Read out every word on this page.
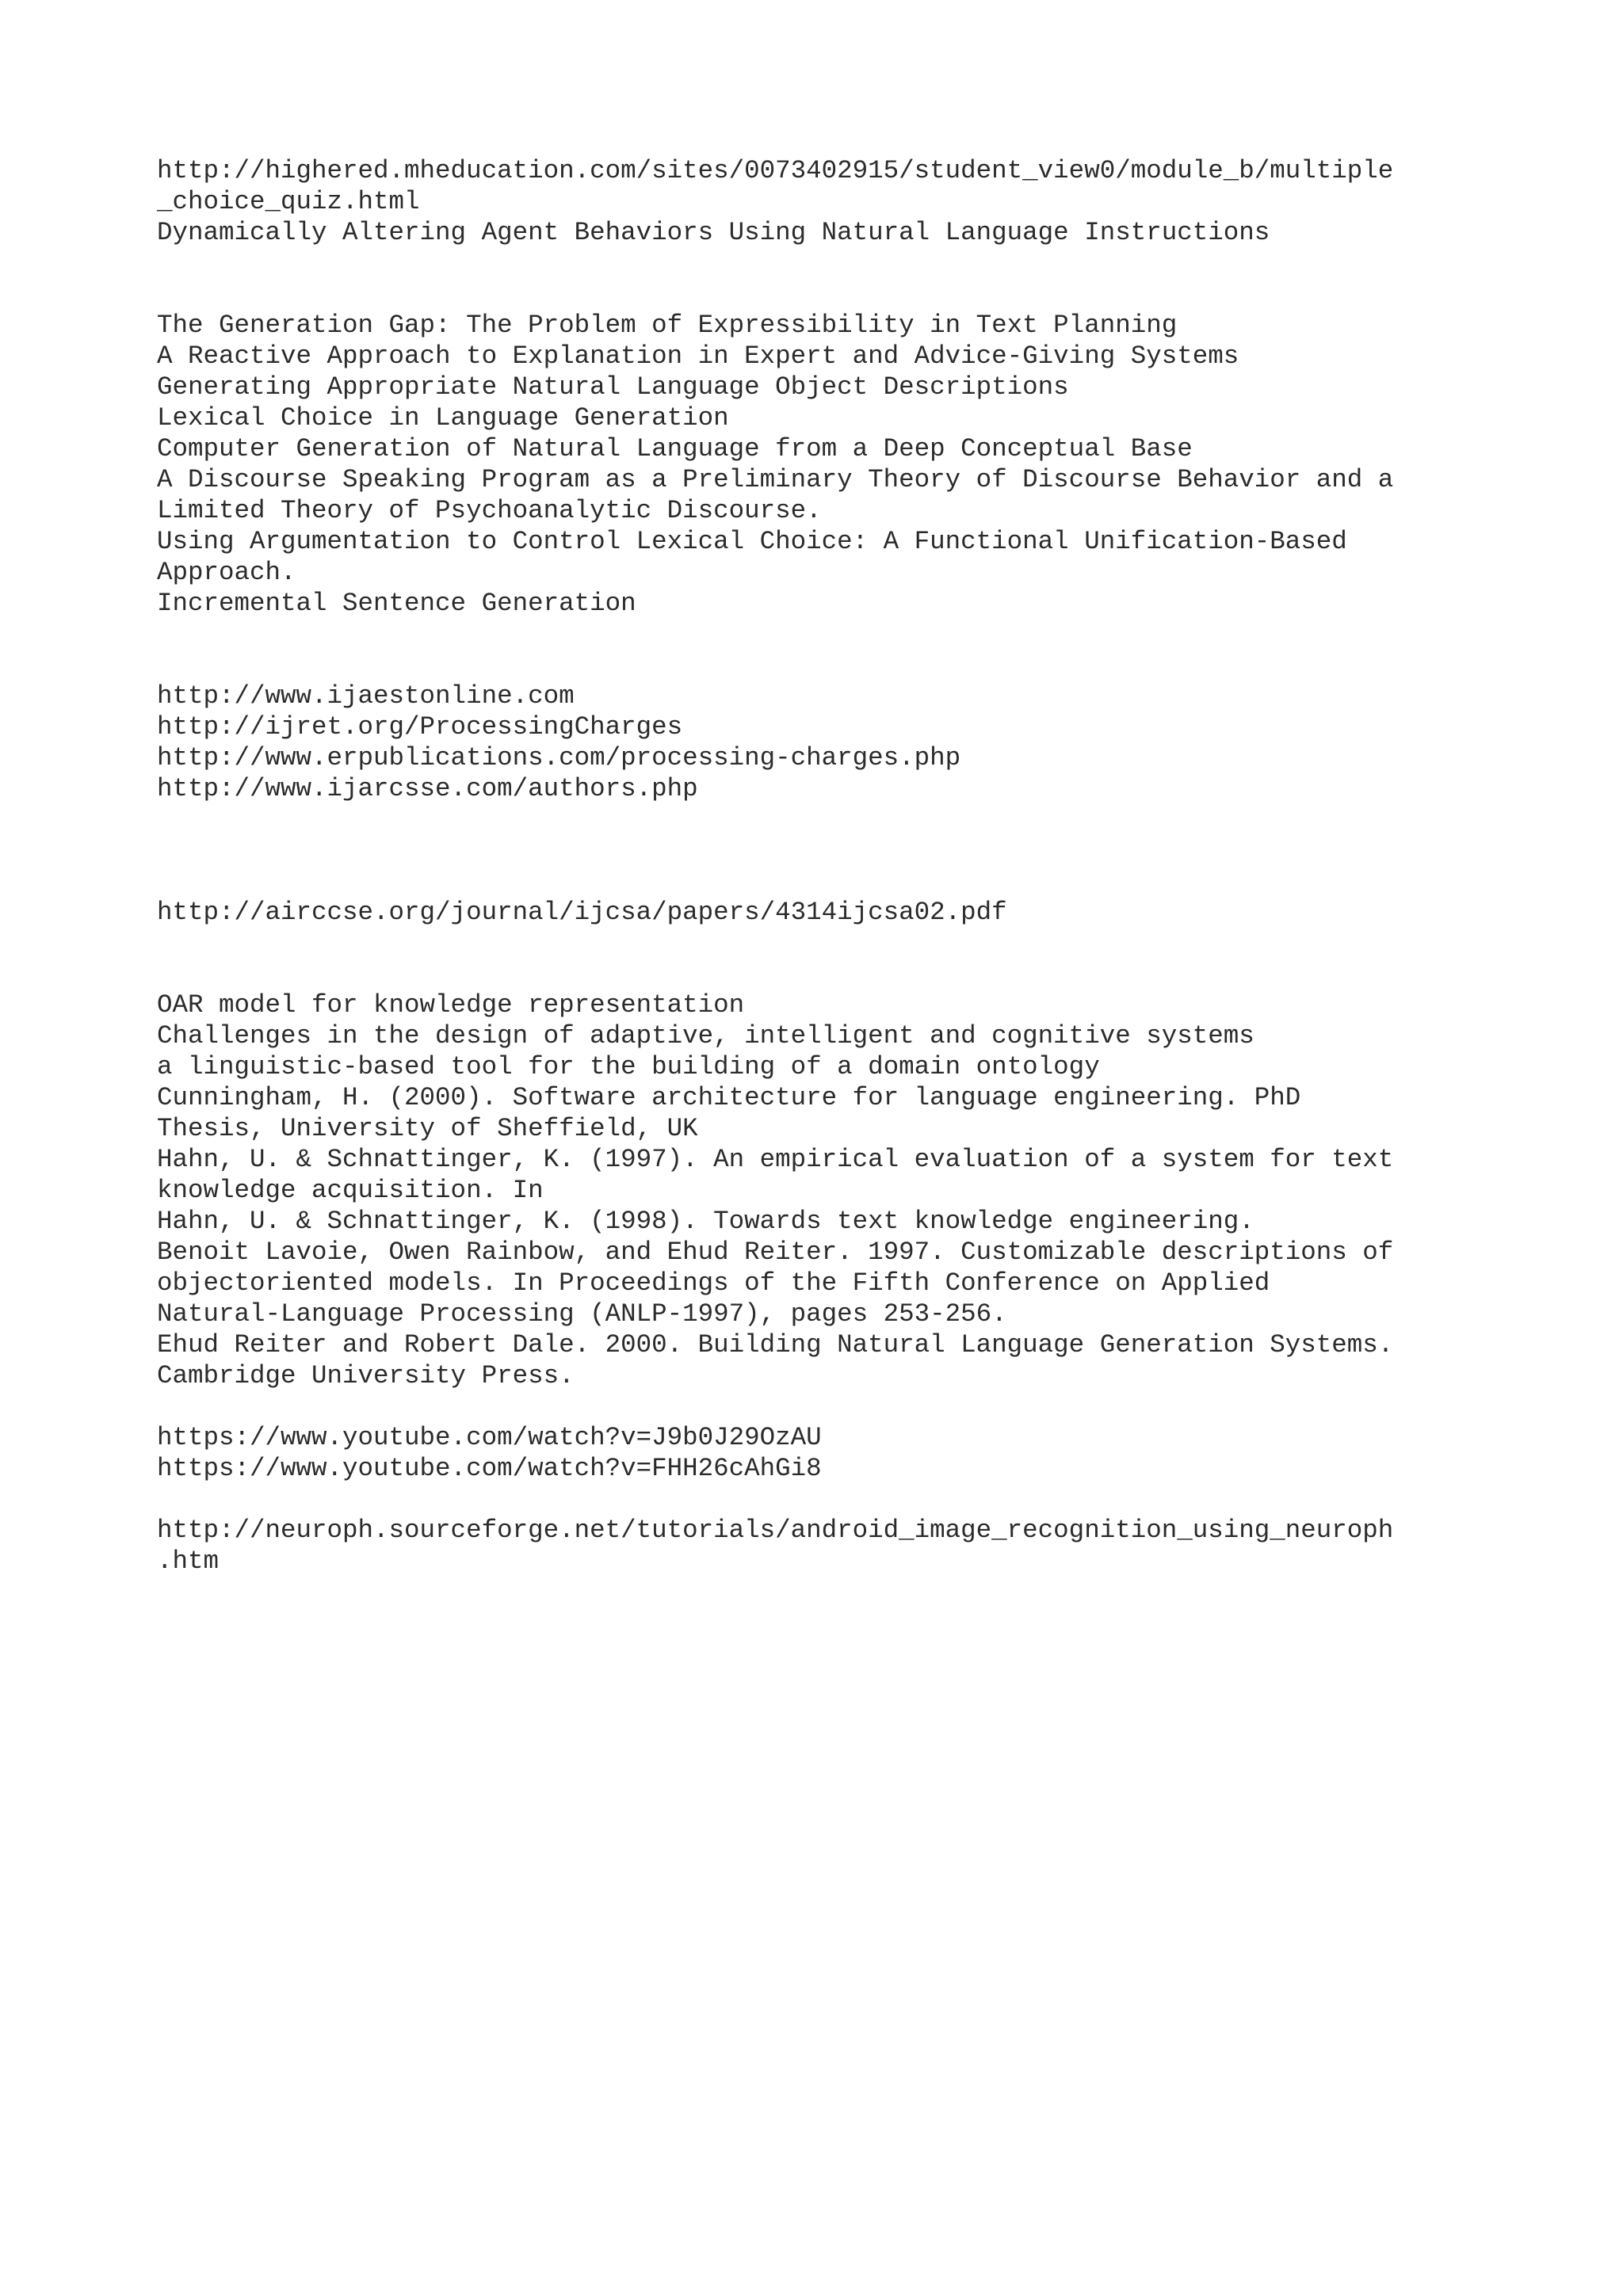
http://highered.mheducation.com/sites/0073402915/student_view0/module_b/multiple
_choice_quiz.html
Dynamically Altering Agent Behaviors Using Natural Language Instructions
The Generation Gap: The Problem of Expressibility in Text Planning
A Reactive Approach to Explanation in Expert and Advice-Giving Systems
Generating Appropriate Natural Language Object Descriptions
Lexical Choice in Language Generation
Computer Generation of Natural Language from a Deep Conceptual Base
A Discourse Speaking Program as a Preliminary Theory of Discourse Behavior and a
Limited Theory of Psychoanalytic Discourse.
Using Argumentation to Control Lexical Choice: A Functional Unification-Based
Approach.
Incremental Sentence Generation
http://www.ijaestonline.com
http://ijret.org/ProcessingCharges
http://www.erpublications.com/processing-charges.php
http://www.ijarcsse.com/authors.php
http://airccse.org/journal/ijcsa/papers/4314ijcsa02.pdf
OAR model for knowledge representation
Challenges in the design of adaptive, intelligent and cognitive systems
a linguistic-based tool for the building of a domain ontology
Cunningham, H. (2000). Software architecture for language engineering. PhD
Thesis, University of Sheffield, UK
Hahn, U. & Schnattinger, K. (1997). An empirical evaluation of a system for text
knowledge acquisition. In
Hahn, U. & Schnattinger, K. (1998). Towards text knowledge engineering.
Benoit Lavoie, Owen Rainbow, and Ehud Reiter. 1997. Customizable descriptions of
objectoriented models. In Proceedings of the Fifth Conference on Applied
Natural-Language Processing (ANLP-1997), pages 253-256.
Ehud Reiter and Robert Dale. 2000. Building Natural Language Generation Systems.
Cambridge University Press.
https://www.youtube.com/watch?v=J9b0J29OzAU
https://www.youtube.com/watch?v=FHH26cAhGi8
http://neuroph.sourceforge.net/tutorials/android_image_recognition_using_neuroph
.htm
